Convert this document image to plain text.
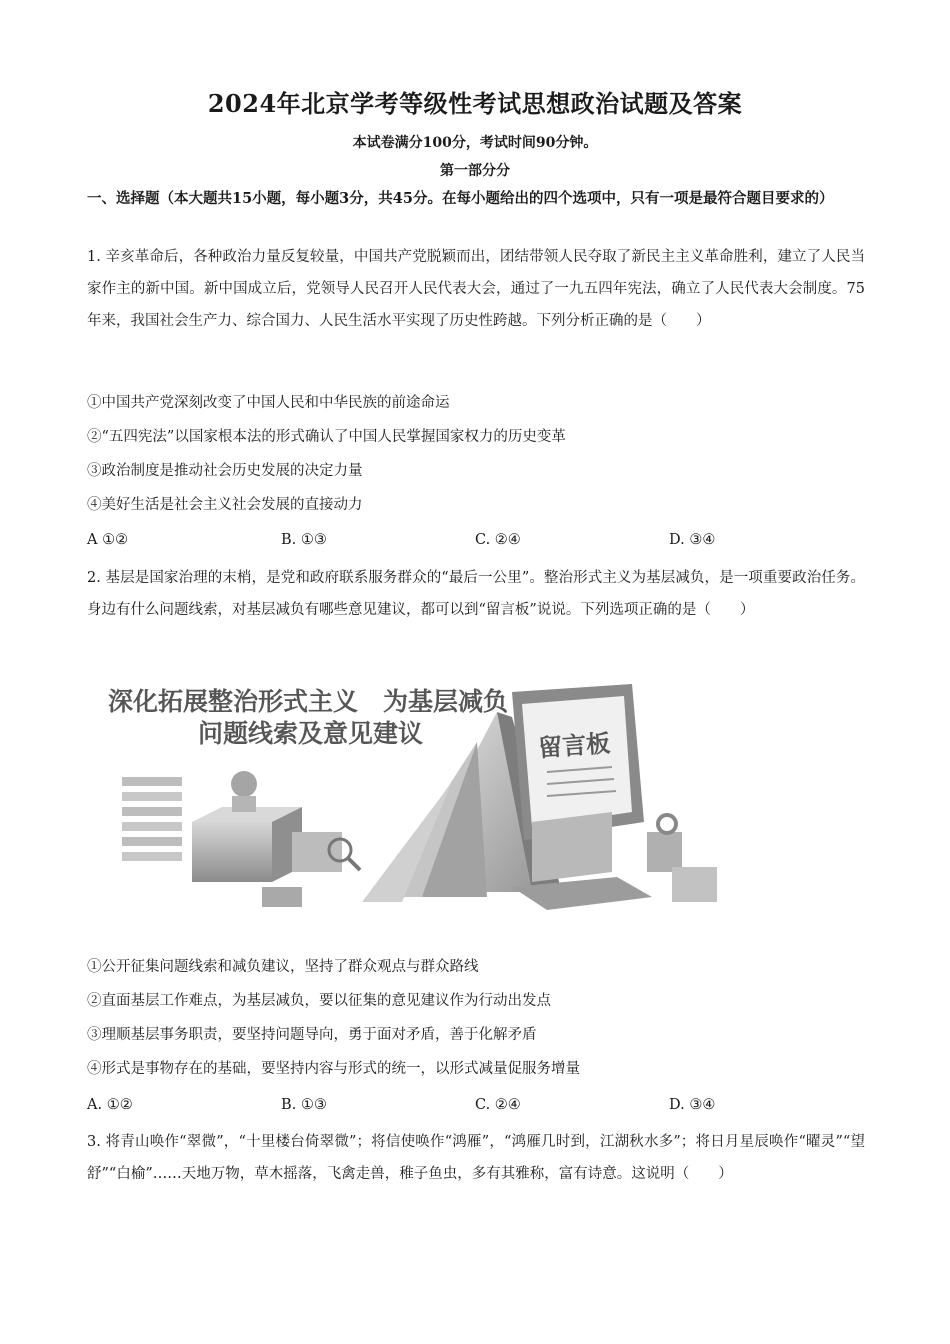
2024年北京学考等级性考试思想政治试题及答案
本试卷满分100分，考试时间90分钟。
第一部分分
一、选择题（本大题共15小题，每小题3分，共45分。在每小题给出的四个选项中，只有一项是最符合题目要求的）
1. 辛亥革命后，各种政治力量反复较量，中国共产党脱颖而出，团结带领人民夺取了新民主主义革命胜利，建立了人民当家作主的新中国。新中国成立后，党领导人民召开人民代表大会，通过了一九五四年宪法，确立了人民代表大会制度。75年来，我国社会生产力、综合国力、人民生活水平实现了历史性跨越。下列分析正确的是（　　）
①中国共产党深刻改变了中国人民和中华民族的前途命运
②“五四宪法”以国家根本法的形式确认了中国人民掌握国家权力的历史变革
③政治制度是推动社会历史发展的决定力量
④美好生活是社会主义社会发展的直接动力
A ①②	B. ①③	C. ②④	D. ③④
2. 基层是国家治理的末梢，是党和政府联系服务群众的“最后一公里”。整治形式主义为基层减负，是一项重要政治任务。身边有什么问题线索，对基层减负有哪些意见建议，都可以到“留言板”说说。下列选项正确的是（　　）
深化拓展整治形式主义　为基层减负
问题线索及意见建议	留言板
①公开征集问题线索和减负建议，坚持了群众观点与群众路线
②直面基层工作难点，为基层减负，要以征集的意见建议作为行动出发点
③理顺基层事务职责，要坚持问题导向，勇于面对矛盾，善于化解矛盾
④形式是事物存在的基础，要坚持内容与形式的统一，以形式减量促服务增量
A. ①②	B. ①③	C. ②④	D. ③④
3. 将青山唤作“翠微”，“十里楼台倚翠微”；将信使唤作“鸿雁”，“鸿雁几时到，江湖秋水多”；将日月星辰唤作“曜灵”“望舒”“白榆”……天地万物，草木摇落，飞禽走兽，稚子鱼虫，多有其雅称，富有诗意。这说明（　　）
